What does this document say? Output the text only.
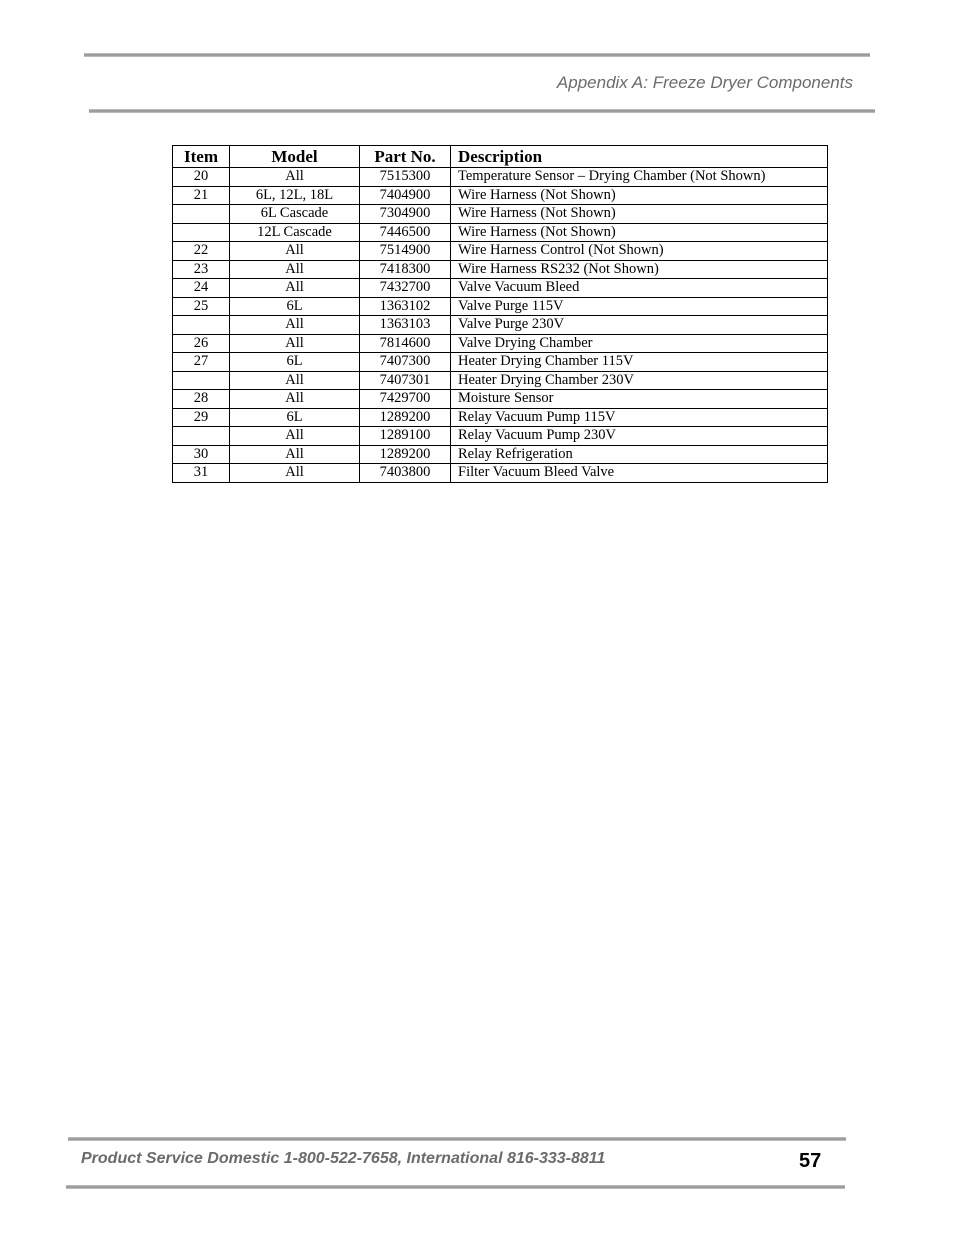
Appendix A: Freeze Dryer Components
Item	Model	Part No.	Description
20	All	7515300	Temperature Sensor – Drying Chamber (Not Shown)
21	6L, 12L, 18L	7404900	Wire Harness (Not Shown)
	6L Cascade	7304900	Wire Harness (Not Shown)
	12L Cascade	7446500	Wire Harness (Not Shown)
22	All	7514900	Wire Harness Control (Not Shown)
23	All	7418300	Wire Harness RS232 (Not Shown)
24	All	7432700	Valve Vacuum Bleed
25	6L	1363102	Valve Purge 115V
	All	1363103	Valve Purge 230V
26	All	7814600	Valve Drying Chamber
27	6L	7407300	Heater Drying Chamber 115V
	All	7407301	Heater Drying Chamber 230V
28	All	7429700	Moisture Sensor
29	6L	1289200	Relay Vacuum Pump 115V
	All	1289100	Relay Vacuum Pump 230V
30	All	1289200	Relay Refrigeration
31	All	7403800	Filter Vacuum Bleed Valve
Product Service Domestic 1-800-522-7658, International 816-333-8811	57
